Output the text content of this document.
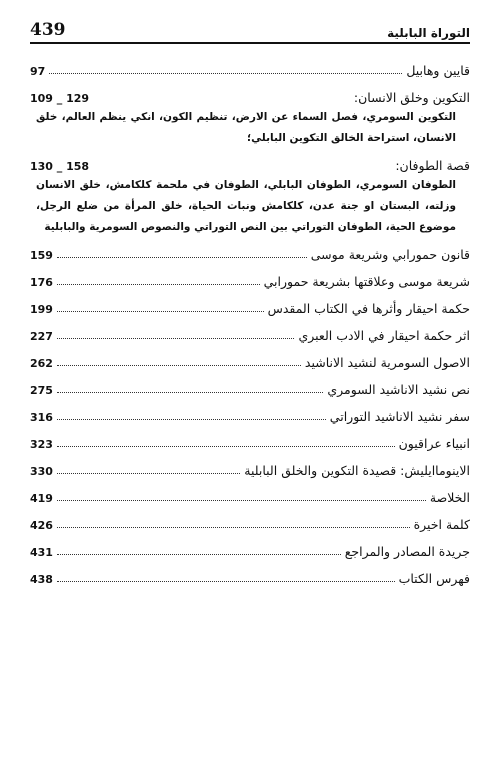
439	التوراة البابلية
97	قايين وهابيل
109 _ 129	التكوين وخلق الانسان:
التكوين السومري، فصل السماء عن الارض، تنظيم الكون، انكي ينظم العالم، خلق الانسان، استراحة الخالق التكوين البابلي؛
130 _ 158	قصة الطوفان:
الطوفان السومري، الطوفان البابلي، الطوفان في ملحمة كلكامش، خلق الانسان وزلته، البستان او جنة عدن، كلكامش ونبات الحياة، خلق المرأة من ضلع الرجل، موضوع الحية، الطوفان التوراتي بين النص التوراتي والنصوص السومرية والبابلية
159	قانون حمورابي وشريعة موسى
176	شريعة موسى وعلاقتها بشريعة حمورابي
199	حكمة احيقار وأثرها في الكتاب المقدس
227	اثر حكمة احيقار في الادب العبري
262	الاصول السومرية لنشيد الاناشيد
275	نص نشيد الاناشيد السومري
316	سفر نشيد الاناشيد التوراتي
323	انبياء عراقيون
330	الاينوماايليش: قصيدة التكوين والخلق البابلية
419	الخلاصة
426	كلمة اخيرة
431	جريدة المصادر والمراجع
438	فهرس الكتاب
